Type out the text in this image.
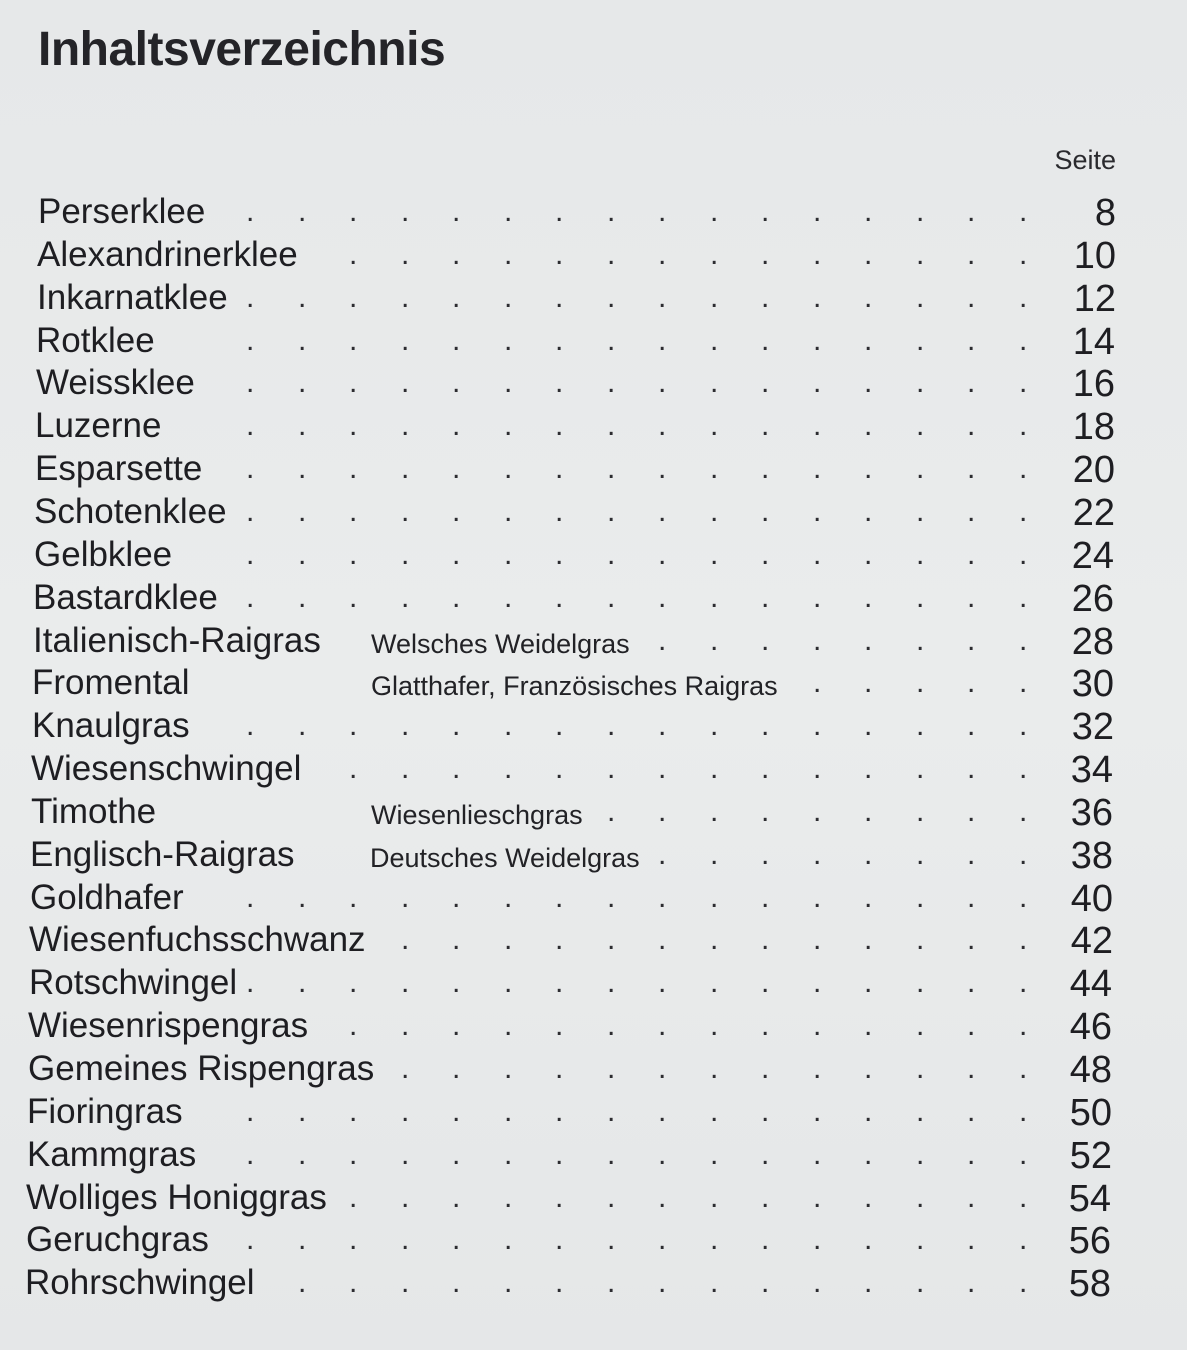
Inhaltsverzeichnis
Seite
Perserklee . . . . . . . . . . . . . . . .	8
Alexandrinerklee . . . . . . . . . . . . . .	10
Inkarnatklee . . . . . . . . . . . . . . . .	12
Rotklee	. . . . . . . . . . . . . . . .	14
Weissklee . . . . . . . . . . . . . . . .	16
Luzerne	. . . . . . . . . . . . . . . .	18
Esparsette . . . . . . . . . . . . . . . .	20
Schotenklee . . . . . . . . . . . . . . . .	22
Gelbklee . . . . . . . . . . . . . . . .	24
Bastardklee . . . . . . . . . . . . . . . .	26
Italienisch-Raigras Welsches Weidelgras . . . . . . . .	28
Fromental	Glatthafer, Französisches Raigras . . . . .	30
Knaulgras . . . . . . . . . . . . . . . .	32
Wiesenschwingel . . . . . . . . . . . . . .	34
Timothe	Wiesenlieschgras . . . . . . . . .	36
Englisch-Raigras	Deutsches Weidelgras . . . . . . . .	38
Goldhafer . . . . . . . . . . . . . . . .	40
Wiesenfuchsschwanz . . . . . . . . . . . . .	42
Rotschwingel . . . . . . . . . . . . . . . .	44
Wiesenrispengras . . . . . . . . . . . . . .	46
Gemeines Rispengras . . . . . . . . . . . . .	48
Fioringras . . . . . . . . . . . . . . . .	50
Kammgras . . . . . . . . . . . . . . . .	52
Wolliges Honiggras . . . . . . . . . . . . . .	54
Geruchgras . . . . . . . . . . . . . . . .	56
Rohrschwingel . . . . . . . . . . . . . . .	58
